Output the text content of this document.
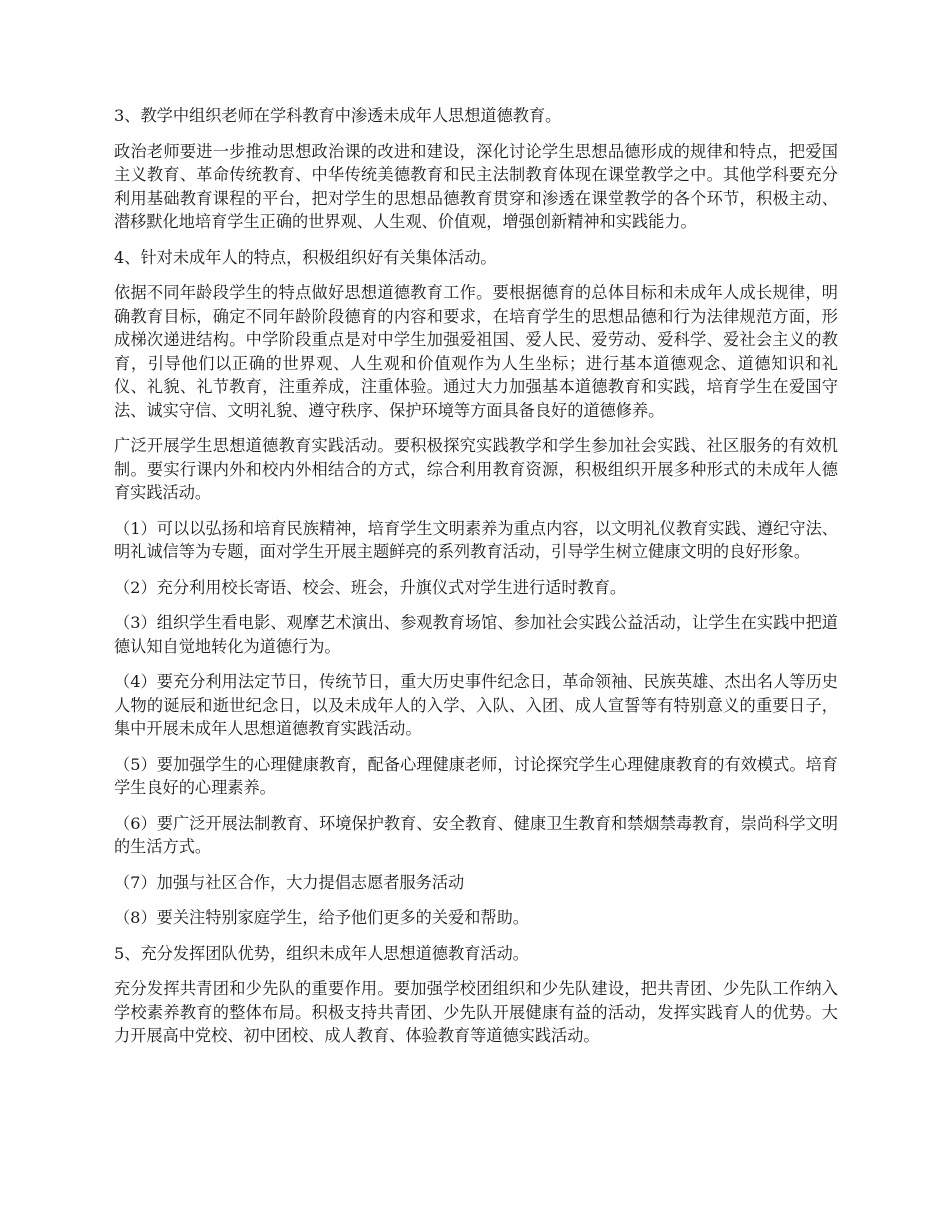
3、教学中组织老师在学科教育中渗透未成年人思想道德教育。

政治老师要进一步推动思想政治课的改进和建设，深化讨论学生思想品德形成的规律和特点，把爱国主义教育、革命传统教育、中华传统美德教育和民主法制教育体现在课堂教学之中。其他学科要充分利用基础教育课程的平台，把对学生的思想品德教育贯穿和渗透在课堂教学的各个环节，积极主动、潜移默化地培育学生正确的世界观、人生观、价值观，增强创新精神和实践能力。

4、针对未成年人的特点，积极组织好有关集体活动。

依据不同年龄段学生的特点做好思想道德教育工作。要根据德育的总体目标和未成年人成长规律，明确教育目标，确定不同年龄阶段德育的内容和要求，在培育学生的思想品德和行为法律规范方面，形成梯次递进结构。中学阶段重点是对中学生加强爱祖国、爱人民、爱劳动、爱科学、爱社会主义的教育，引导他们以正确的世界观、人生观和价值观作为人生坐标；进行基本道德观念、道德知识和礼仪、礼貌、礼节教育，注重养成，注重体验。通过大力加强基本道德教育和实践，培育学生在爱国守法、诚实守信、文明礼貌、遵守秩序、保护环境等方面具备良好的道德修养。

广泛开展学生思想道德教育实践活动。要积极探究实践教学和学生参加社会实践、社区服务的有效机制。要实行课内外和校内外相结合的方式，综合利用教育资源，积极组织开展多种形式的未成年人德育实践活动。

（1）可以以弘扬和培育民族精神，培育学生文明素养为重点内容，以文明礼仪教育实践、遵纪守法、明礼诚信等为专题，面对学生开展主题鲜亮的系列教育活动，引导学生树立健康文明的良好形象。

（2）充分利用校长寄语、校会、班会，升旗仪式对学生进行适时教育。

（3）组织学生看电影、观摩艺术演出、参观教育场馆、参加社会实践公益活动，让学生在实践中把道德认知自觉地转化为道德行为。

（4）要充分利用法定节日，传统节日，重大历史事件纪念日，革命领袖、民族英雄、杰出名人等历史人物的诞辰和逝世纪念日，以及未成年人的入学、入队、入团、成人宣誓等有特别意义的重要日子，集中开展未成年人思想道德教育实践活动。

（5）要加强学生的心理健康教育，配备心理健康老师，讨论探究学生心理健康教育的有效模式。培育学生良好的心理素养。

（6）要广泛开展法制教育、环境保护教育、安全教育、健康卫生教育和禁烟禁毒教育，崇尚科学文明的生活方式。

（7）加强与社区合作，大力提倡志愿者服务活动

（8）要关注特别家庭学生，给予他们更多的关爱和帮助。

5、充分发挥团队优势，组织未成年人思想道德教育活动。

充分发挥共青团和少先队的重要作用。要加强学校团组织和少先队建设，把共青团、少先队工作纳入学校素养教育的整体布局。积极支持共青团、少先队开展健康有益的活动，发挥实践育人的优势。大力开展高中党校、初中团校、成人教育、体验教育等道德实践活动。
